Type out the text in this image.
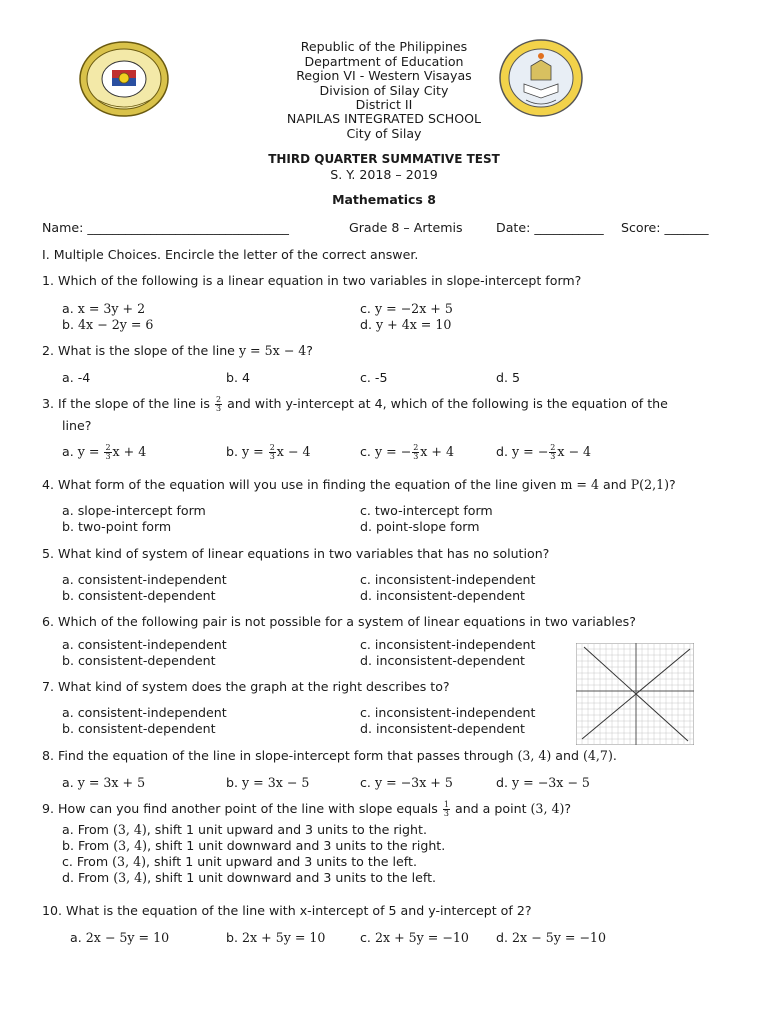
Republic of the Philippines
Department of Education
Region VI - Western Visayas
Division of Silay City
District II
NAPILAS INTEGRATED SCHOOL
City of Silay
THIRD QUARTER SUMMATIVE TEST
S. Y. 2018 – 2019
Mathematics 8
Name: ________________________________	Grade 8 – Artemis	Date: ___________ Score: _______
I. Multiple Choices. Encircle the letter of the correct answer.
1. Which of the following is a linear equation in two variables in slope-intercept form?
a. x = 3y + 2
b. 4x − 2y = 6
c. y = −2x + 5
d. y + 4x = 10
2. What is the slope of the line y = 5x − 4?
a. -4	b. 4	c. -5	d. 5
3. If the slope of the line is $\frac{2}{3}$ and with y-intercept at 4, which of the following is the equation of the
line?
a. $y = \frac{2}{3}$ x + 4	b. $y = \frac{2}{3}$ x − 4	c. y = − $\frac{2}{3}$ x + 4	d. y = − $\frac{2}{3}$ x − 4
4. What form of the equation will you use in finding the equation of the line given m = 4 and P(2,1)?
a. slope-intercept form
b. two-point form
c. two-intercept form
d. point-slope form
5. What kind of system of linear equations in two variables that has no solution?
a. consistent-independent
b. consistent-dependent
c. inconsistent-independent
d. inconsistent-dependent
6. Which of the following pair is not possible for a system of linear equations in two variables?
a. consistent-independent
b. consistent-dependent
c. inconsistent-independent
d. inconsistent-dependent
7. What kind of system does the graph at the right describes to?
a. consistent-independent
b. consistent-dependent
c. inconsistent-independent
d. inconsistent-dependent
8. Find the equation of the line in slope-intercept form that passes through (3, 4) and (4,7).
a. y = 3x + 5	b. y = 3x − 5	c. y = −3x + 5	d. y = −3x − 5
9. How can you find another point of the line with slope equals $\frac{1}{3}$ and a point (3, 4)?
a. From (3, 4), shift 1 unit upward and 3 units to the right.
b. From (3, 4), shift 1 unit downward and 3 units to the right.
c. From (3, 4), shift 1 unit upward and 3 units to the left.
d. From (3, 4), shift 1 unit downward and 3 units to the left.
10. What is the equation of the line with x-intercept of 5 and y-intercept of 2?
a. 2x − 5y = 10	b. 2x + 5y = 10	c. 2x + 5y = −10 d. 2x − 5y = −10
